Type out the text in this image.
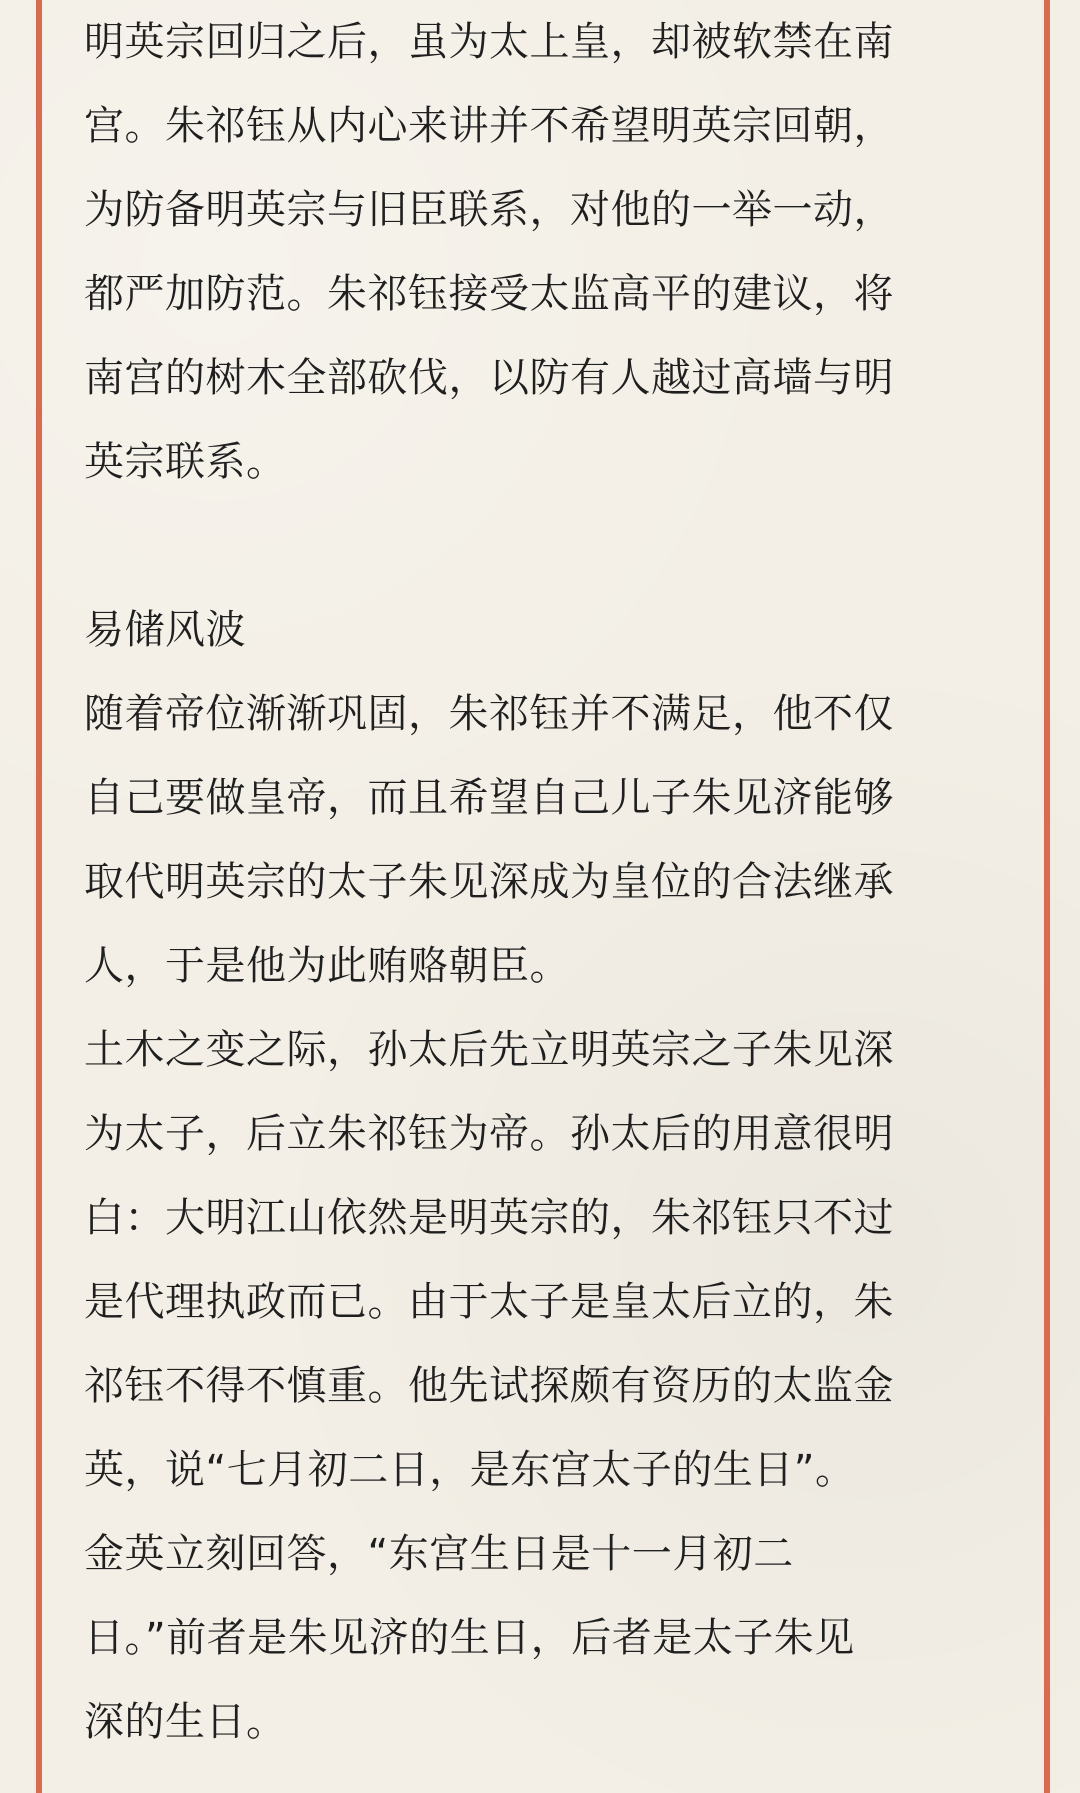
明英宗回归之后，虽为太上皇，却被软禁在南
宫。朱祁钰从内心来讲并不希望明英宗回朝，
为防备明英宗与旧臣联系，对他的一举一动，
都严加防范。朱祁钰接受太监高平的建议，将
南宫的树木全部砍伐，以防有人越过高墙与明
英宗联系。
易储风波
随着帝位渐渐巩固，朱祁钰并不满足，他不仅
自己要做皇帝，而且希望自己儿子朱见济能够
取代明英宗的太子朱见深成为皇位的合法继承
人，于是他为此贿赂朝臣。
土木之变之际，孙太后先立明英宗之子朱见深
为太子，后立朱祁钰为帝。孙太后的用意很明
白：大明江山依然是明英宗的，朱祁钰只不过
是代理执政而已。由于太子是皇太后立的，朱
祁钰不得不慎重。他先试探颇有资历的太监金
英，说“七月初二日，是东宫太子的生日”。
金英立刻回答，“东宫生日是十一月初二
日。”前者是朱见济的生日，后者是太子朱见
深的生日。
